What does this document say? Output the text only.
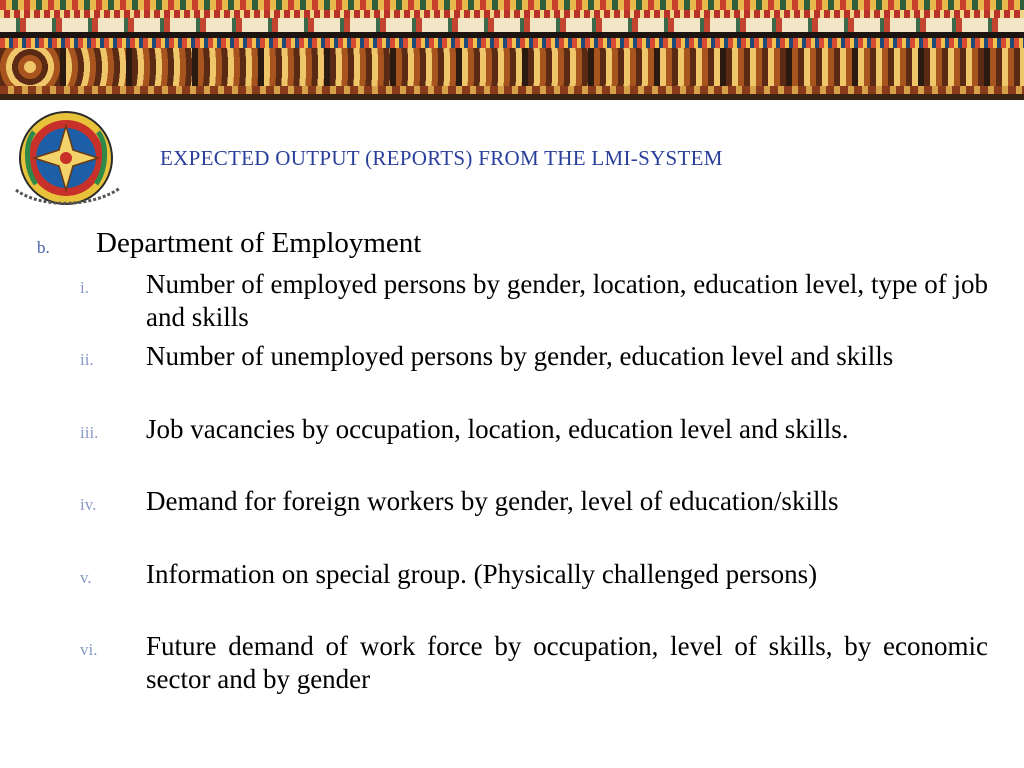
EXPECTED OUTPUT (REPORTS) FROM THE LMI-SYSTEM
b. Department of Employment
i. Number of employed persons by gender, location, education level, type of job and skills
ii. Number of unemployed persons by gender, education level and skills
iii. Job vacancies by occupation, location, education level and skills.
iv. Demand for foreign workers by gender, level of education/skills
v. Information on special group. (Physically challenged persons)
vi. Future demand of work force by occupation, level of skills, by economic sector and by gender
